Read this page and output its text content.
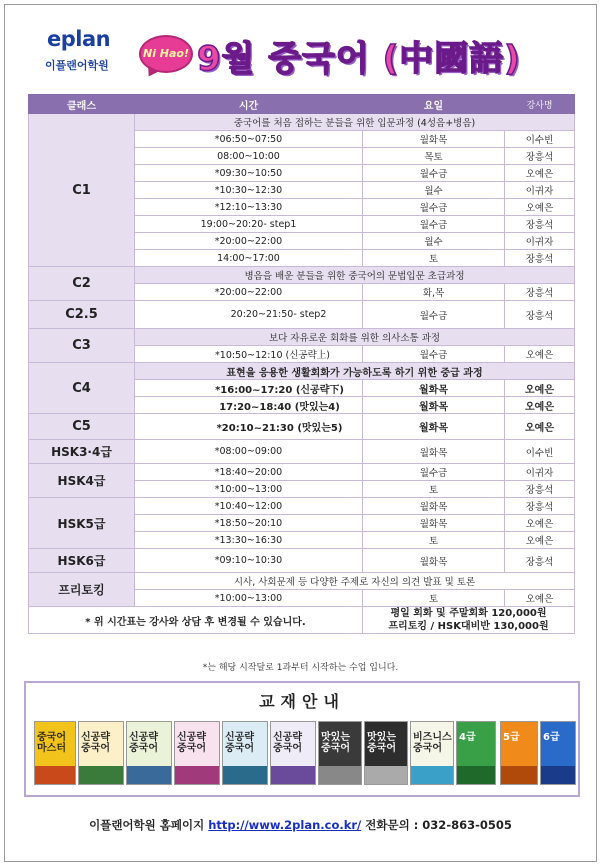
eplan
이플랜어학원
Ni Hao! 9월 중국어 (中國語)
클래스	시간	요일	강사명
C1	중국어를 처음 접하는 분들을 위한 입문과정 (4성음+병음)		
	*06:50~07:50	월화목	이수빈
	08:00~10:00	목토	장흥석
	*09:30~10:50	월수금	오예은
	*10:30~12:30	월수	이귀자
	*12:10~13:30	월수금	오예은
	19:00~20:20- step1	월수금	장흥석
	*20:00~22:00	월수	이귀자
	14:00~17:00	토	장흥석
C2	병음을 배운 분들을 위한 중국어의 문법입문 초급과정		
	*20:00~22:00	화,목	장흥석
C2.5	20:20~21:50- step2	월수금	장흥석
C3	보다 자유로운 회화를 위한 의사소통 과정		
	*10:50~12:10 (신공략上)	월수금	오예은
C4	표현을 응용한 생활회화가 가능하도록 하기 위한 중급 과정		
	*16:00~17:20 (신공략下)	월화목	오예은
	17:20~18:40 (맛있는4)	월화목	오예은
C5	*20:10~21:30 (맛있는5)	월화목	오예은
HSK3·4급	*08:00~09:00	월화목	이수빈
HSK4급	*18:40~20:00	월수금	이귀자
	*10:00~13:00	토	장흥석
HSK5급	*10:40~12:00	월화목	장흥석
	*18:50~20:10	월화목	오예은
	*13:30~16:30	토	오예은
HSK6급	*09:10~10:30	월화목	장흥석
프리토킹	시사, 사회문제 등 다양한 주제로 자신의 의견 발표 및 토론		
	*10:00~13:00	토	오예은
* 위 시간표는 강사와 상담 후 변경될 수 있습니다.		평일 회화 및 주말회화 120,000원
프리토킹 / HSK대비반 130,000원	
*는 해당 시작달로 1과부터 시작하는 수업 입니다.
교재안내
중국어 마스터
신공략 중국어
신공략 중국어
신공략 중국어
신공략 중국어
신공략 중국어
맛있는 중국어
맛있는 중국어
비즈니스 중국어
4급	5급 6급
이플랜어학원 홈페이지 http://www.2plan.co.kr/ 전화문의 : 032-863-0505
